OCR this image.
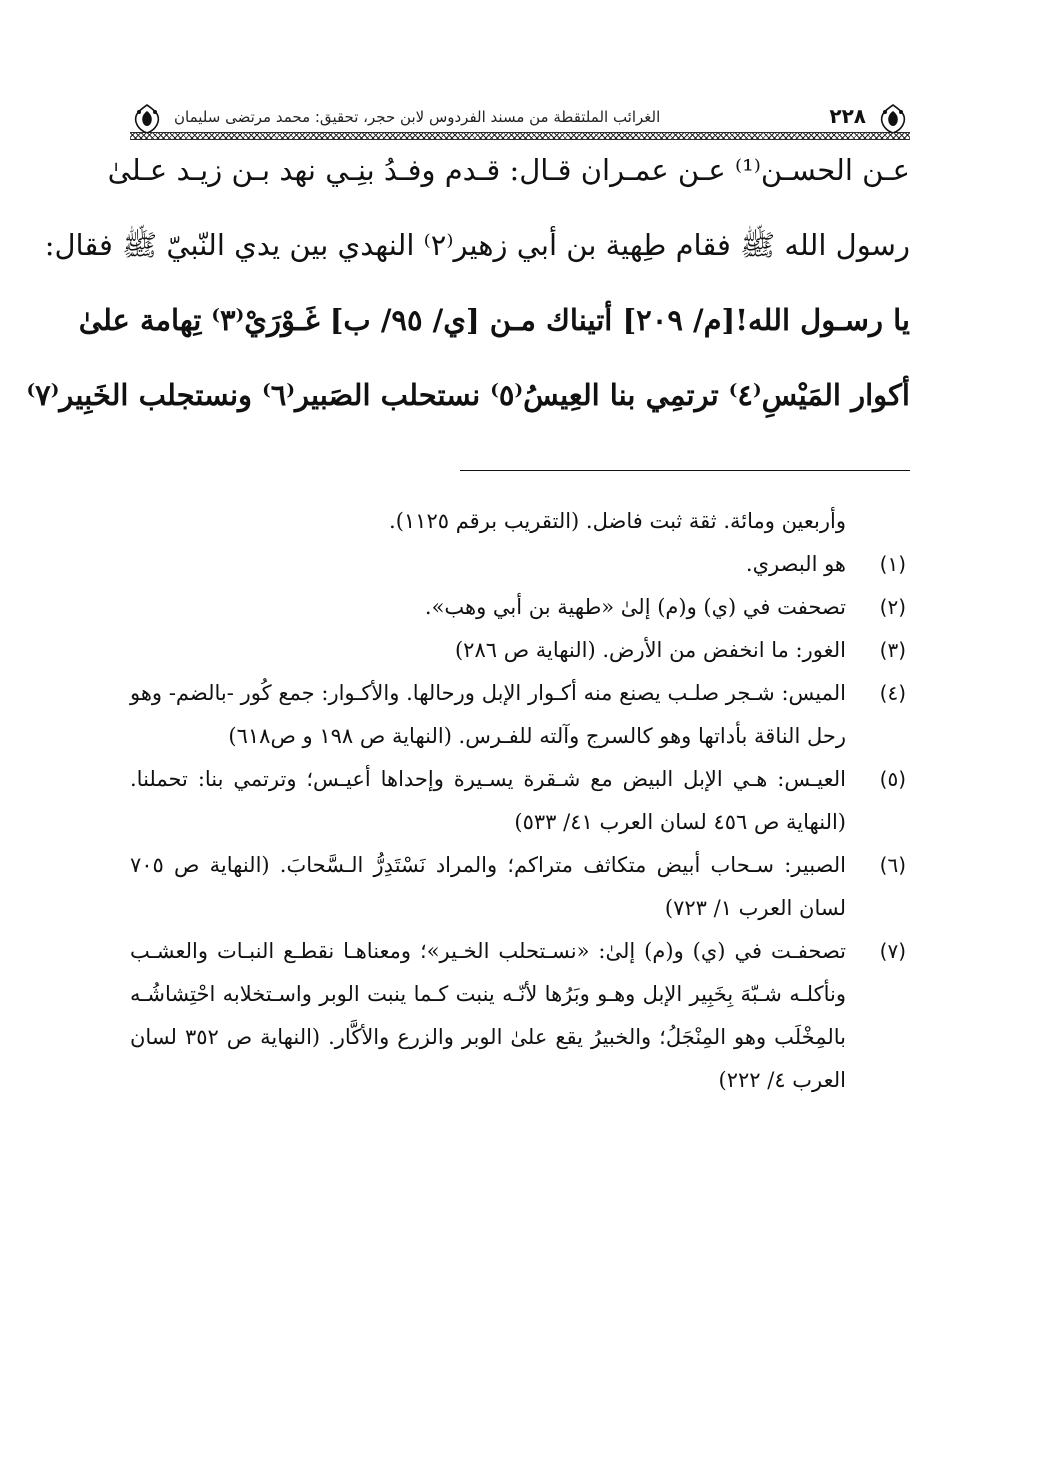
٢٢٨
الغرائب الملتقطة من مسند الفردوس لابن حجر، تحقيق: محمد مرتضى سليمان
عـن الحسـن⁽¹⁾ عـن عمـران قـال: قـدم وفـدُ بنِـي نهد بـن زيـد عـلىٰ
رسول الله ﷺ فقام طِهية بن أبي زهير⁽٢⁾ النهدي بين يدي النّبيّ ﷺ فقال:
يا رسـول الله![م/ ٢٠٩] أتيناك مـن [ي/ ٩٥/ ب] غَـوْرَيْ⁽٣⁾ تِهامة علىٰ
أكوار المَيْسِ⁽٤⁾ ترتمِي بنا العِيسُ⁽٥⁾ نستحلب الصَبير⁽٦⁾ ونستجلب الخَبِير⁽٧⁾
وأربعين ومائة. ثقة ثبت فاضل. (التقريب برقم ١١٢٥).
(١)
هو البصري.
(٢)
تصحفت في (ي) و(م) إلىٰ «طهية بن أبي وهب».
(٣)
الغور: ما انخفض من الأرض. (النهاية ص ٢٨٦)
(٤)
الميس: شـجر صلـب يصنع منه أكـوار الإبل ورحالها. والأكـوار: جمع كُور -بالضم- وهو رحل الناقة بأداتها وهو كالسرج وآلته للفـرس. (النهاية ص ١٩٨ و ص٦١٨)
(٥)
العيـس: هـي الإبل البيض مع شـقرة يسـيرة وإحداها أعيـس؛ وترتمي بنا: تحملنا. (النهاية ص ٤٥٦ لسان العرب ٤١/ ٥٣٣)
(٦)
الصبير: سـحاب أبيض متكاثف متراكم؛ والمراد نَسْتَدِرُّ الـسَّحابَ. (النهاية ص ٧٠٥ لسان العرب ١/ ٧٢٣)
(٧)
تصحفـت في (ي) و(م) إلىٰ: «نسـتحلب الخـير»؛ ومعناهـا نقطـع النبـات والعشـب ونأكلـه شـبّهَ بِخَبِير الإبل وهـو وبَرُها لأنّـه ينبت كـما ينبت الوبر واسـتخلابه احْتِشاشُـه بالمِخْلَب وهو المِنْجَلُ؛ والخبيرُ يقع علىٰ الوبر والزرع والأكَّار. (النهاية ص ٣٥٢ لسان العرب ٤/ ٢٢٢)
